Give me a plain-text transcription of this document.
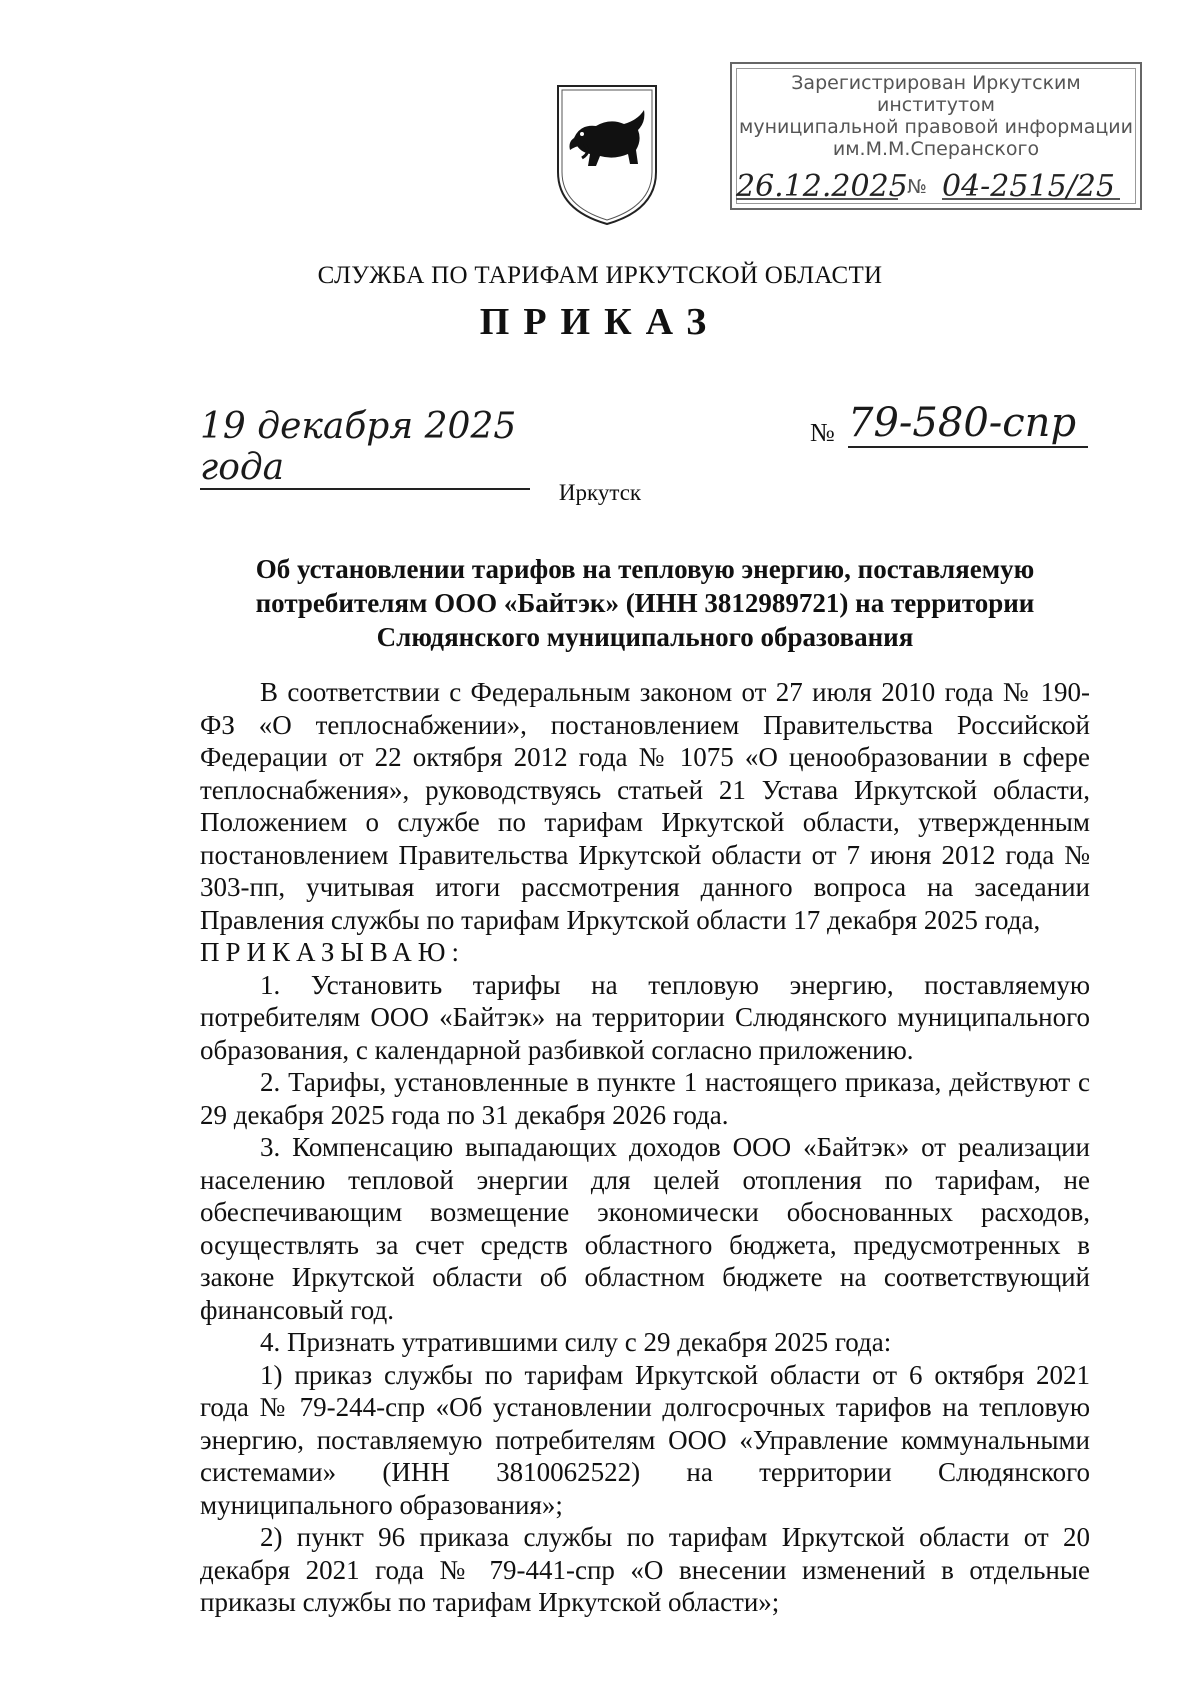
Зарегистрирован Иркутским институтом
муниципальной правовой информации
им.М.М.Сперанского
26.12.2025 № 04-2515/25
СЛУЖБА ПО ТАРИФАМ ИРКУТСКОЙ ОБЛАСТИ
ПРИКАЗ
19 декабря 2025 года
№ 79-580-спр
Иркутск
Об установлении тарифов на тепловую энергию, поставляемую потребителям ООО «Байтэк» (ИНН 3812989721) на территории Слюдянского муниципального образования

В соответствии с Федеральным законом от 27 июля 2010 года № 190-ФЗ «О теплоснабжении», постановлением Правительства Российской Федерации от 22 октября 2012 года № 1075 «О ценообразовании в сфере теплоснабжения», руководствуясь статьей 21 Устава Иркутской области, Положением о службе по тарифам Иркутской области, утвержденным постановлением Правительства Иркутской области от 7 июня 2012 года № 303-пп, учитывая итоги рассмотрения данного вопроса на заседании Правления службы по тарифам Иркутской области 17 декабря 2025 года,

ПРИКАЗЫВАЮ:

1. Установить тарифы на тепловую энергию, поставляемую потребителям ООО «Байтэк» на территории Слюдянского муниципального образования, с календарной разбивкой согласно приложению.

2. Тарифы, установленные в пункте 1 настоящего приказа, действуют с 29 декабря 2025 года по 31 декабря 2026 года.

3. Компенсацию выпадающих доходов ООО «Байтэк» от реализации населению тепловой энергии для целей отопления по тарифам, не обеспечивающим возмещение экономически обоснованных расходов, осуществлять за счет средств областного бюджета, предусмотренных в законе Иркутской области об областном бюджете на соответствующий финансовый год.

4. Признать утратившими силу с 29 декабря 2025 года:

1) приказ службы по тарифам Иркутской области от 6 октября 2021 года № 79-244-спр «Об установлении долгосрочных тарифов на тепловую энергию, поставляемую потребителям ООО «Управление коммунальными системами» (ИНН 3810062522) на территории Слюдянского муниципального образования»;

2) пункт 96 приказа службы по тарифам Иркутской области от 20 декабря 2021 года № 79-441-спр «О внесении изменений в отдельные приказы службы по тарифам Иркутской области»;
